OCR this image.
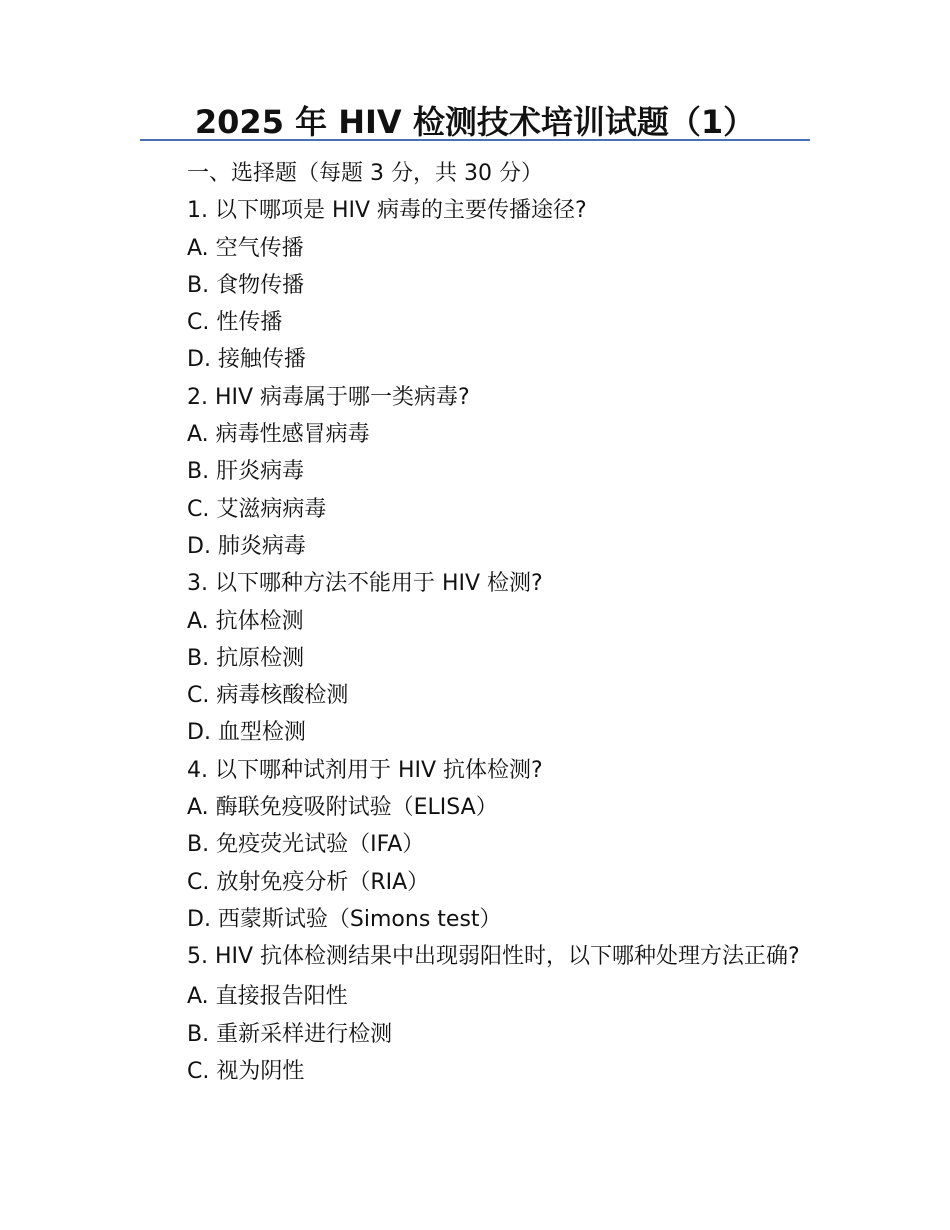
2025 年 HIV 检测技术培训试题（1）
一、选择题（每题 3 分，共 30 分）
1. 以下哪项是 HIV 病毒的主要传播途径?
A. 空气传播
B. 食物传播
C. 性传播
D. 接触传播
2. HIV 病毒属于哪一类病毒?
A. 病毒性感冒病毒
B. 肝炎病毒
C. 艾滋病病毒
D. 肺炎病毒
3. 以下哪种方法不能用于 HIV 检测?
A. 抗体检测
B. 抗原检测
C. 病毒核酸检测
D. 血型检测
4. 以下哪种试剂用于 HIV 抗体检测?
A. 酶联免疫吸附试验（ELISA）
B. 免疫荧光试验（IFA）
C. 放射免疫分析（RIA）
D. 西蒙斯试验（Simons test）
5. HIV 抗体检测结果中出现弱阳性时，以下哪种处理方法正确?
A. 直接报告阳性
B. 重新采样进行检测
C. 视为阴性
